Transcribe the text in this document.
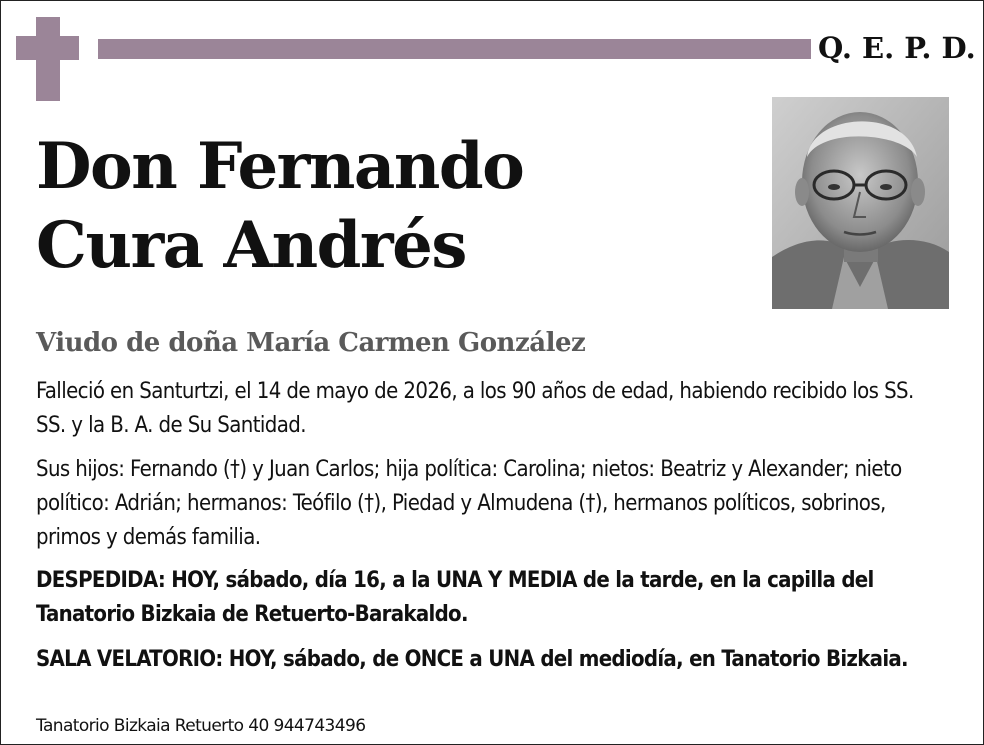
Q. E. P. D.
Don Fernando
Cura Andrés
Viudo de doña María Carmen González
Falleció en Santurtzi, el 14 de mayo de 2026, a los 90 años de edad, habiendo recibido los SS. SS. y la B. A. de Su Santidad.
Sus hijos: Fernando (†) y Juan Carlos; hija política: Carolina; nietos: Beatriz y Alexander; nieto político: Adrián; hermanos: Teófilo (†), Piedad y Almudena (†), hermanos políticos, sobrinos, primos y demás familia.
DESPEDIDA: HOY, sábado, día 16, a la UNA Y MEDIA de la tarde, en la capilla del Tanatorio Bizkaia de Retuerto-Barakaldo.
SALA VELATORIO: HOY, sábado, de ONCE a UNA del mediodía, en Tanatorio Bizkaia.
Tanatorio Bizkaia Retuerto 40 944743496
